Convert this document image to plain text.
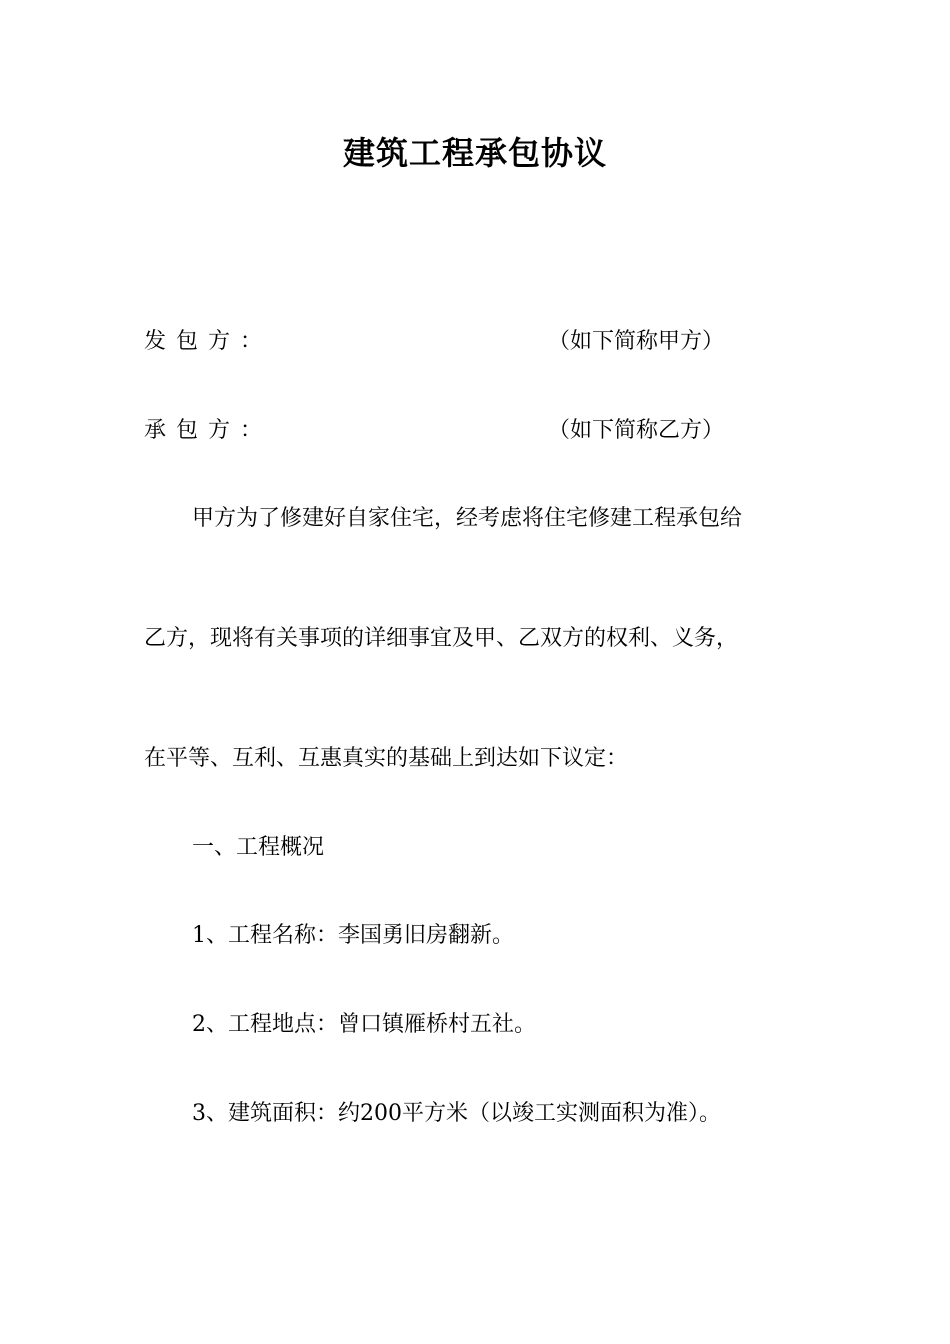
建筑工程承包协议
发包方 ：	（如下简称甲方）
承包方 ：	（如下简称乙方）
甲方为了修建好自家住宅，经考虑将住宅修建工程承包给
乙方，现将有关事项的详细事宜及甲、乙双方的权利、义务，
在平等、互利、互惠真实的基础上到达如下议定：
一、工程概况
1、工程名称：李国勇旧房翻新。
2、工程地点：曾口镇雁桥村五社。
3、建筑面积：约200平方米（以竣工实测面积为准）。
